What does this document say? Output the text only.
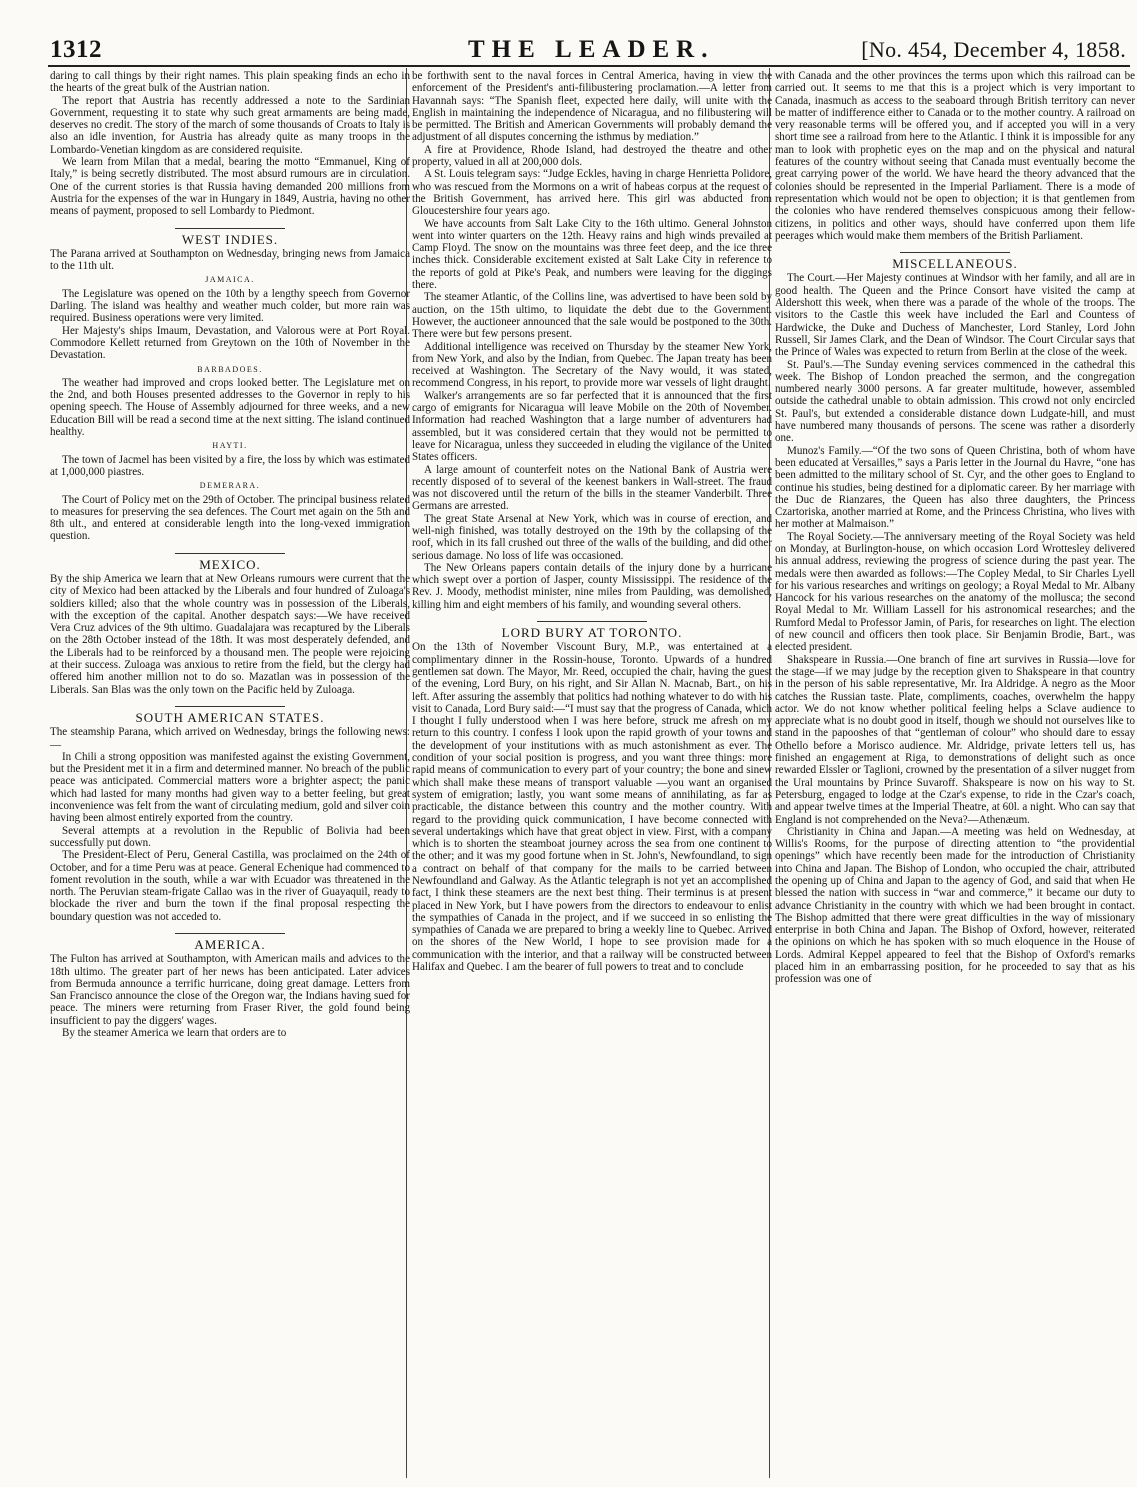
1312	THE LEADER.	[No. 454, December 4, 1858.

daring to call things by their right names. This plain speaking finds an echo in the hearts of the great bulk of the Austrian nation.

The report that Austria has recently addressed a note to the Sardinian Government, requesting it to state why such great armaments are being made, deserves no credit. The story of the march of some thousands of Croats to Italy is also an idle invention, for Austria has already quite as many troops in the Lombardo-Venetian kingdom as are considered requisite.

We learn from Milan that a medal, bearing the motto “Emmanuel, King of Italy,” is being secretly distributed. The most absurd rumours are in circulation. One of the current stories is that Russia having demanded 200 millions from Austria for the expenses of the war in Hungary in 1849, Austria, having no other means of payment, proposed to sell Lombardy to Piedmont.

WEST INDIES.

The Parana arrived at Southampton on Wednesday, bringing news from Jamaica to the 11th ult.

JAMAICA.

The Legislature was opened on the 10th by a lengthy speech from Governor Darling. The island was healthy and weather much colder, but more rain was required. Business operations were very limited.

Her Majesty's ships Imaum, Devastation, and Valorous were at Port Royal. Commodore Kellett returned from Greytown on the 10th of November in the Devastation.

BARBADOES.

The weather had improved and crops looked better. The Legislature met on the 2nd, and both Houses presented addresses to the Governor in reply to his opening speech. The House of Assembly adjourned for three weeks, and a new Education Bill will be read a second time at the next sitting. The island continued healthy.

HAYTI.

The town of Jacmel has been visited by a fire, the loss by which was estimated at 1,000,000 piastres.

DEMERARA.

The Court of Policy met on the 29th of October. The principal business related to measures for preserving the sea defences. The Court met again on the 5th and 8th ult., and entered at considerable length into the long-vexed immigration question.

MEXICO.

By the ship America we learn that at New Orleans rumours were current that the city of Mexico had been attacked by the Liberals and four hundred of Zuloaga's soldiers killed; also that the whole country was in possession of the Liberals, with the exception of the capital. Another despatch says:—We have received Vera Cruz advices of the 9th ultimo. Guadalajara was recaptured by the Liberals on the 28th October instead of the 18th. It was most desperately defended, and the Liberals had to be reinforced by a thousand men. The people were rejoicing at their success. Zuloaga was anxious to retire from the field, but the clergy had offered him another million not to do so. Mazatlan was in possession of the Liberals. San Blas was the only town on the Pacific held by Zuloaga.

SOUTH AMERICAN STATES.

The steamship Parana, which arrived on Wednesday, brings the following news:—

In Chili a strong opposition was manifested against the existing Government, but the President met it in a firm and determined manner. No breach of the public peace was anticipated. Commercial matters wore a brighter aspect; the panic which had lasted for many months had given way to a better feeling, but great inconvenience was felt from the want of circulating medium, gold and silver coin having been almost entirely exported from the country.

Several attempts at a revolution in the Republic of Bolivia had been successfully put down.

The President-Elect of Peru, General Castilla, was proclaimed on the 24th of October, and for a time Peru was at peace. General Echenique had commenced to foment revolution in the south, while a war with Ecuador was threatened in the north. The Peruvian steam-frigate Callao was in the river of Guayaquil, ready to blockade the river and burn the town if the final proposal respecting the boundary question was not acceded to.

AMERICA.

The Fulton has arrived at Southampton, with American mails and advices to the 18th ultimo. The greater part of her news has been anticipated. Later advices from Bermuda announce a terrific hurricane, doing great damage. Letters from San Francisco announce the close of the Oregon war, the Indians having sued for peace. The miners were returning from Fraser River, the gold found being insufficient to pay the diggers' wages.

By the steamer America we learn that orders are to

be forthwith sent to the naval forces in Central America, having in view the enforcement of the President's anti-filibustering proclamation.—A letter from Havannah says: “The Spanish fleet, expected here daily, will unite with the English in maintaining the independence of Nicaragua, and no filibustering will be permitted. The British and American Governments will probably demand the adjustment of all disputes concerning the isthmus by mediation.”

A fire at Providence, Rhode Island, had destroyed the theatre and other property, valued in all at 200,000 dols.

A St. Louis telegram says: “Judge Eckles, having in charge Henrietta Polidore, who was rescued from the Mormons on a writ of habeas corpus at the request of the British Government, has arrived here. This girl was abducted from Gloucestershire four years ago.

We have accounts from Salt Lake City to the 16th ultimo. General Johnston went into winter quarters on the 12th. Heavy rains and high winds prevailed at Camp Floyd. The snow on the mountains was three feet deep, and the ice three inches thick. Considerable excitement existed at Salt Lake City in reference to the reports of gold at Pike's Peak, and numbers were leaving for the diggings there.

The steamer Atlantic, of the Collins line, was advertised to have been sold by auction, on the 15th ultimo, to liquidate the debt due to the Government. However, the auctioneer announced that the sale would be postponed to the 30th. There were but few persons present.

Additional intelligence was received on Thursday by the steamer New York, from New York, and also by the Indian, from Quebec. The Japan treaty has been received at Washington. The Secretary of the Navy would, it was stated, recommend Congress, in his report, to provide more war vessels of light draught.

Walker's arrangements are so far perfected that it is announced that the first cargo of emigrants for Nicaragua will leave Mobile on the 20th of November. Information had reached Washington that a large number of adventurers had assembled, but it was considered certain that they would not be permitted to leave for Nicaragua, unless they succeeded in eluding the vigilance of the United States officers.

A large amount of counterfeit notes on the National Bank of Austria were recently disposed of to several of the keenest bankers in Wall-street. The fraud was not discovered until the return of the bills in the steamer Vanderbilt. Three Germans are arrested.

The great State Arsenal at New York, which was in course of erection, and well-nigh finished, was totally destroyed on the 19th by the collapsing of the roof, which in its fall crushed out three of the walls of the building, and did other serious damage. No loss of life was occasioned.

The New Orleans papers contain details of the injury done by a hurricane which swept over a portion of Jasper, county Mississippi. The residence of the Rev. J. Moody, methodist minister, nine miles from Paulding, was demolished, killing him and eight members of his family, and wounding several others.

LORD BURY AT TORONTO.

On the 13th of November Viscount Bury, M.P., was entertained at a complimentary dinner in the Rossin-house, Toronto. Upwards of a hundred gentlemen sat down. The Mayor, Mr. Reed, occupied the chair, having the guest of the evening, Lord Bury, on his right, and Sir Allan N. Macnab, Bart., on his left. After assuring the assembly that politics had nothing whatever to do with his visit to Canada, Lord Bury said:—“I must say that the progress of Canada, which I thought I fully understood when I was here before, struck me afresh on my return to this country. I confess I look upon the rapid growth of your towns and the development of your institutions with as much astonishment as ever. The condition of your social position is progress, and you want three things: more rapid means of communication to every part of your country; the bone and sinew which shall make these means of transport valuable —you want an organised system of emigration; lastly, you want some means of annihilating, as far as practicable, the distance between this country and the mother country. With regard to the providing quick communication, I have become connected with several undertakings which have that great object in view. First, with a company which is to shorten the steamboat journey across the sea from one continent to the other; and it was my good fortune when in St. John's, Newfoundland, to sign a contract on behalf of that company for the mails to be carried between Newfoundland and Galway. As the Atlantic telegraph is not yet an accomplished fact, I think these steamers are the next best thing. Their terminus is at present placed in New York, but I have powers from the directors to endeavour to enlist the sympathies of Canada in the project, and if we succeed in so enlisting the sympathies of Canada we are prepared to bring a weekly line to Quebec. Arrived on the shores of the New World, I hope to see provision made for a communication with the interior, and that a railway will be constructed between Halifax and Quebec. I am the bearer of full powers to treat and to conclude

with Canada and the other provinces the terms upon which this railroad can be carried out. It seems to me that this is a project which is very important to Canada, inasmuch as access to the seaboard through British territory can never be matter of indifference either to Canada or to the mother country. A railroad on very reasonable terms will be offered you, and if accepted you will in a very short time see a railroad from here to the Atlantic. I think it is impossible for any man to look with prophetic eyes on the map and on the physical and natural features of the country without seeing that Canada must eventually become the great carrying power of the world. We have heard the theory advanced that the colonies should be represented in the Imperial Parliament. There is a mode of representation which would not be open to objection; it is that gentlemen from the colonies who have rendered themselves conspicuous among their fellow-citizens, in politics and other ways, should have conferred upon them life peerages which would make them members of the British Parliament.

MISCELLANEOUS.

The Court.—Her Majesty continues at Windsor with her family, and all are in good health. The Queen and the Prince Consort have visited the camp at Aldershott this week, when there was a parade of the whole of the troops. The visitors to the Castle this week have included the Earl and Countess of Hardwicke, the Duke and Duchess of Manchester, Lord Stanley, Lord John Russell, Sir James Clark, and the Dean of Windsor. The Court Circular says that the Prince of Wales was expected to return from Berlin at the close of the week.

St. Paul's.—The Sunday evening services commenced in the cathedral this week. The Bishop of London preached the sermon, and the congregation numbered nearly 3000 persons. A far greater multitude, however, assembled outside the cathedral unable to obtain admission. This crowd not only encircled St. Paul's, but extended a considerable distance down Ludgate-hill, and must have numbered many thousands of persons. The scene was rather a disorderly one.

Munoz's Family.—“Of the two sons of Queen Christina, both of whom have been educated at Versailles,” says a Paris letter in the Journal du Havre, “one has been admitted to the military school of St. Cyr, and the other goes to England to continue his studies, being destined for a diplomatic career. By her marriage with the Duc de Rianzares, the Queen has also three daughters, the Princess Czartoriska, another married at Rome, and the Princess Christina, who lives with her mother at Malmaison.”

The Royal Society.—The anniversary meeting of the Royal Society was held on Monday, at Burlington-house, on which occasion Lord Wrottesley delivered his annual address, reviewing the progress of science during the past year. The medals were then awarded as follows:—The Copley Medal, to Sir Charles Lyell for his various researches and writings on geology; a Royal Medal to Mr. Albany Hancock for his various researches on the anatomy of the mollusca; the second Royal Medal to Mr. William Lassell for his astronomical researches; and the Rumford Medal to Professor Jamin, of Paris, for researches on light. The election of new council and officers then took place. Sir Benjamin Brodie, Bart., was elected president.

Shakspeare in Russia.—One branch of fine art survives in Russia—love for the stage—if we may judge by the reception given to Shakspeare in that country in the person of his sable representative, Mr. Ira Aldridge. A negro as the Moor catches the Russian taste. Plate, compliments, coaches, overwhelm the happy actor. We do not know whether political feeling helps a Sclave audience to appreciate what is no doubt good in itself, though we should not ourselves like to stand in the papooshes of that “gentleman of colour” who should dare to essay Othello before a Morisco audience. Mr. Aldridge, private letters tell us, has finished an engagement at Riga, to demonstrations of delight such as once rewarded Elssler or Taglioni, crowned by the presentation of a silver nugget from the Ural mountains by Prince Suvaroff. Shakspeare is now on his way to St. Petersburg, engaged to lodge at the Czar's expense, to ride in the Czar's coach, and appear twelve times at the Imperial Theatre, at 60l. a night. Who can say that England is not comprehended on the Neva?—Athenæum.

Christianity in China and Japan.—A meeting was held on Wednesday, at Willis's Rooms, for the purpose of directing attention to “the providential openings” which have recently been made for the introduction of Christianity into China and Japan. The Bishop of London, who occupied the chair, attributed the opening up of China and Japan to the agency of God, and said that when He blessed the nation with success in “war and commerce,” it became our duty to advance Christianity in the country with which we had been brought in contact. The Bishop admitted that there were great difficulties in the way of missionary enterprise in both China and Japan. The Bishop of Oxford, however, reiterated the opinions on which he has spoken with so much eloquence in the House of Lords. Admiral Keppel appeared to feel that the Bishop of Oxford's remarks placed him in an embarrassing position, for he proceeded to say that as his profession was one of
